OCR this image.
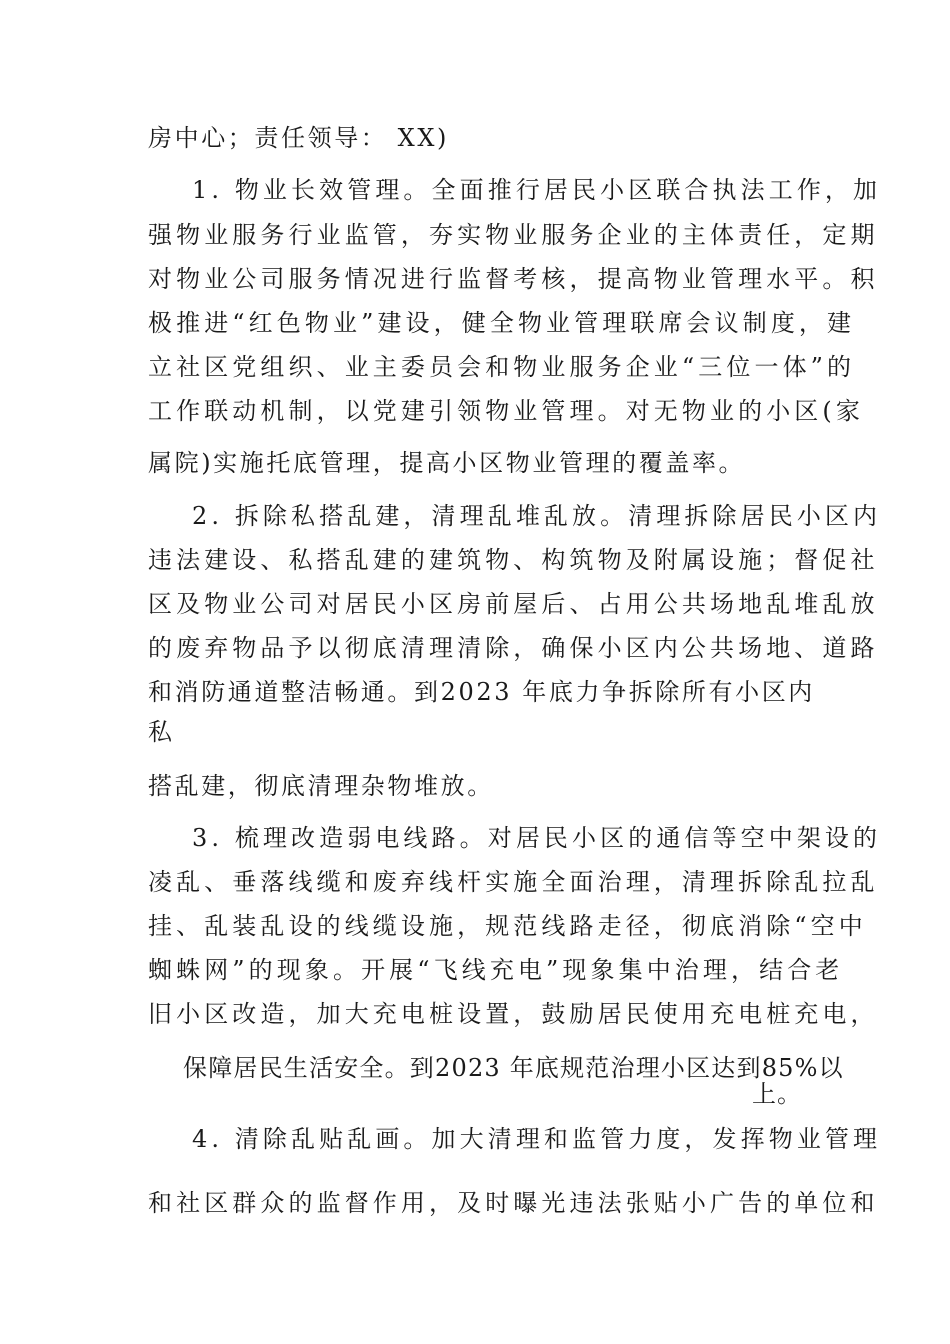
房中心；责任领导： XX)
1. 物业长效管理。全面推行居民小区联合执法工作，加
强物业服务行业监管，夯实物业服务企业的主体责任，定期
对物业公司服务情况进行监督考核，提高物业管理水平。积
极推进“红色物业”建设，健全物业管理联席会议制度，建
立社区党组织、业主委员会和物业服务企业“三位一体”的
工作联动机制，以党建引领物业管理。对无物业的小区(家
属院)实施托底管理，提高小区物业管理的覆盖率。
2. 拆除私搭乱建，清理乱堆乱放。清理拆除居民小区内
违法建设、私搭乱建的建筑物、构筑物及附属设施；督促社
区及物业公司对居民小区房前屋后、占用公共场地乱堆乱放
的废弃物品予以彻底清理清除，确保小区内公共场地、道路
和消防通道整洁畅通。到2023 年底力争拆除所有小区内
私
搭乱建，彻底清理杂物堆放。
3. 梳理改造弱电线路。对居民小区的通信等空中架设的
凌乱、垂落线缆和废弃线杆实施全面治理，清理拆除乱拉乱
挂、乱装乱设的线缆设施，规范线路走径，彻底消除“空中
蜘蛛网”的现象。开展“飞线充电”现象集中治理，结合老
旧小区改造，加大充电桩设置，鼓励居民使用充电桩充电，
保障居民生活安全。到2023 年底规范治理小区达到85%以
上。
4. 清除乱贴乱画。加大清理和监管力度，发挥物业管理
和社区群众的监督作用，及时曝光违法张贴小广告的单位和
